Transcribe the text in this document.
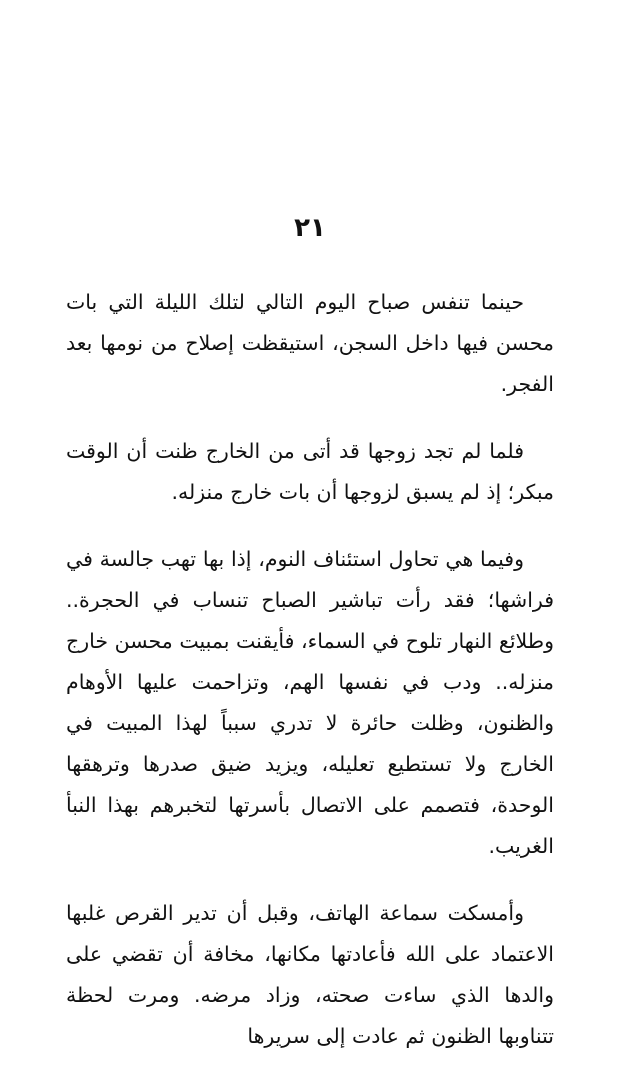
٢١

حينما تنفس صباح اليوم التالي لتلك الليلة التي بات محسن فيها داخل السجن، استيقظت إصلاح من نومها بعد الفجر.

فلما لم تجد زوجها قد أتى من الخارج ظنت أن الوقت مبكر؛ إذ لم يسبق لزوجها أن بات خارج منزله.

وفيما هي تحاول استئناف النوم، إذا بها تهب جالسة في فراشها؛ فقد رأت تباشير الصباح تنساب في الحجرة.. وطلائع النهار تلوح في السماء، فأيقنت بمبيت محسن خارج منزله.. ودب في نفسها الهم، وتزاحمت عليها الأوهام والظنون، وظلت حائرة لا تدري سبباً لهذا المبيت في الخارج ولا تستطيع تعليله، ويزيد ضيق صدرها وترهقها الوحدة، فتصمم على الاتصال بأسرتها لتخبرهم بهذا النبأ الغريب.

وأمسكت سماعة الهاتف، وقبل أن تدير القرص غلبها الاعتماد على الله فأعادتها مكانها، مخافة أن تقضي على والدها الذي ساءت صحته، وزاد مرضه. ومرت لحظة تتناوبها الظنون ثم عادت إلى سريرها
